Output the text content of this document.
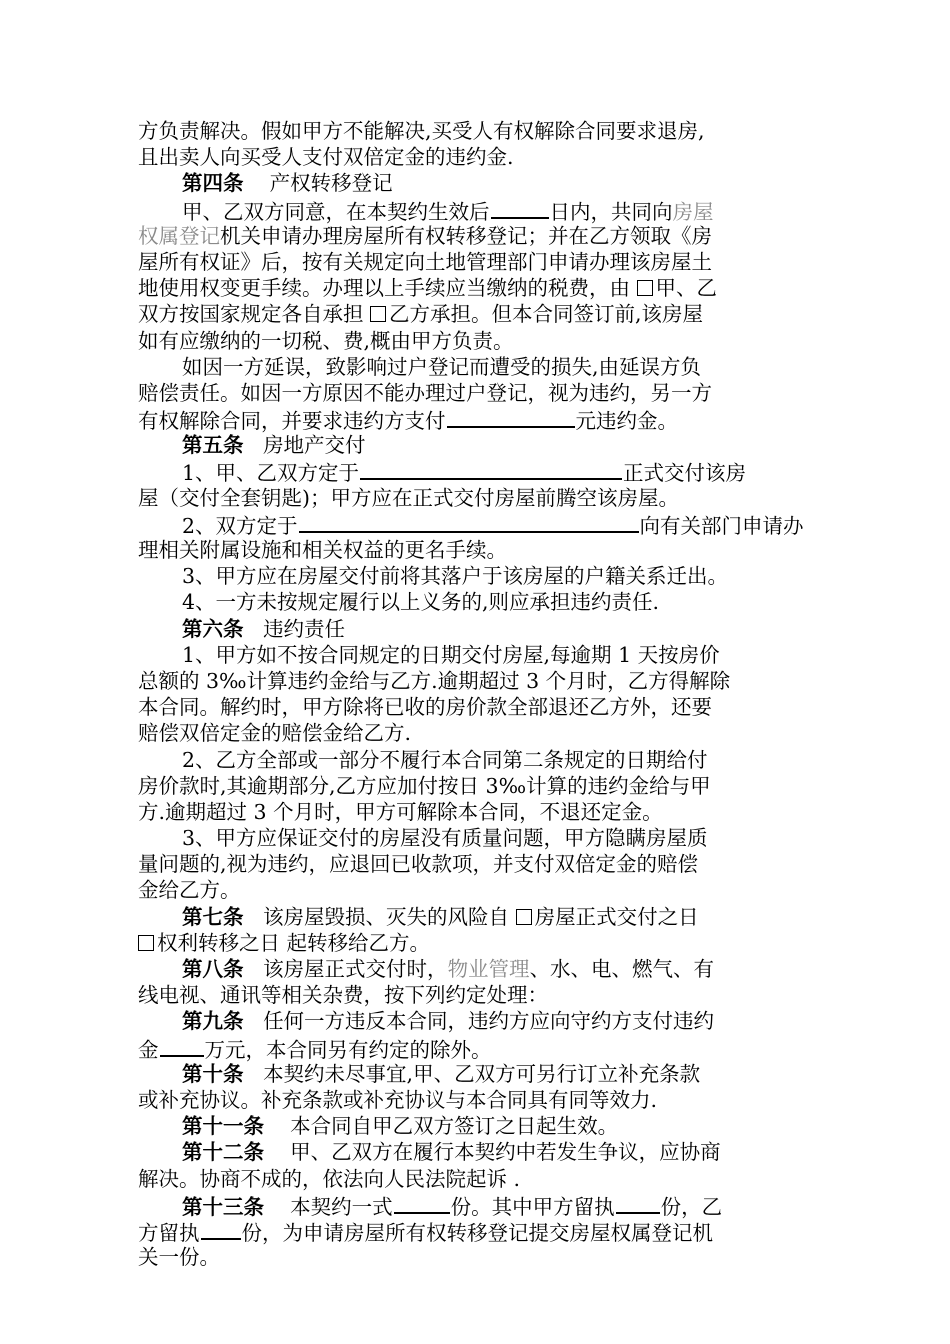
方负责解决。假如甲方不能解决,买受人有权解除合同要求退房,
且出卖人向买受人支付双倍定金的违约金.
第四条 产权转移登记
甲、乙双方同意，在本契约生效后	日内，共同向房屋
权属登记机关申请办理房屋所有权转移登记；并在乙方领取《房
屋所有权证》后，按有关规定向土地管理部门申请办理该房屋土
地使用权变更手续。办理以上手续应当缴纳的税费，由 甲、乙
双方按国家规定各自承担 乙方承担。但本合同签订前,该房屋
如有应缴纳的一切税、费,概由甲方负责。
如因一方延误，致影响过户登记而遭受的损失,由延误方负
赔偿责任。如因一方原因不能办理过户登记，视为违约，另一方
有权解除合同，并要求违约方支付	元违约金。
第五条 房地产交付
1、甲、乙双方定于	正式交付该房
屋（交付全套钥匙)；甲方应在正式交付房屋前腾空该房屋。
2、双方定于	向有关部门申请办
理相关附属设施和相关权益的更名手续。
3、甲方应在房屋交付前将其落户于该房屋的户籍关系迁出。
4、一方未按规定履行以上义务的,则应承担违约责任.
第六条 违约责任
1、甲方如不按合同规定的日期交付房屋,每逾期 1 天按房价
总额的 3‰计算违约金给与乙方.逾期超过 3 个月时，乙方得解除
本合同。解约时，甲方除将已收的房价款全部退还乙方外，还要
赔偿双倍定金的赔偿金给乙方.
2、乙方全部或一部分不履行本合同第二条规定的日期给付
房价款时,其逾期部分,乙方应加付按日 3‰计算的违约金给与甲
方.逾期超过 3 个月时，甲方可解除本合同，不退还定金。
3、甲方应保证交付的房屋没有质量问题，甲方隐瞒房屋质
量问题的,视为违约，应退回已收款项，并支付双倍定金的赔偿
金给乙方。
第七条 该房屋毁损、灭失的风险自 房屋正式交付之日
权利转移之日 起转移给乙方。
第八条 该房屋正式交付时，物业管理、水、电、燃气、有
线电视、通讯等相关杂费，按下列约定处理：
第九条 任何一方违反本合同，违约方应向守约方支付违约
金 万元，本合同另有约定的除外。
第十条 本契约未尽事宜,甲、乙双方可另行订立补充条款
或补充协议。补充条款或补充协议与本合同具有同等效力.
第十一条 本合同自甲乙双方签订之日起生效。
第十二条 甲、乙双方在履行本契约中若发生争议，应协商
解决。协商不成的，依法向人民法院起诉 .
第十三条 本契约一式	份。其中甲方留执 份，乙
方留执 份，为申请房屋所有权转移登记提交房屋权属登记机
关一份。
